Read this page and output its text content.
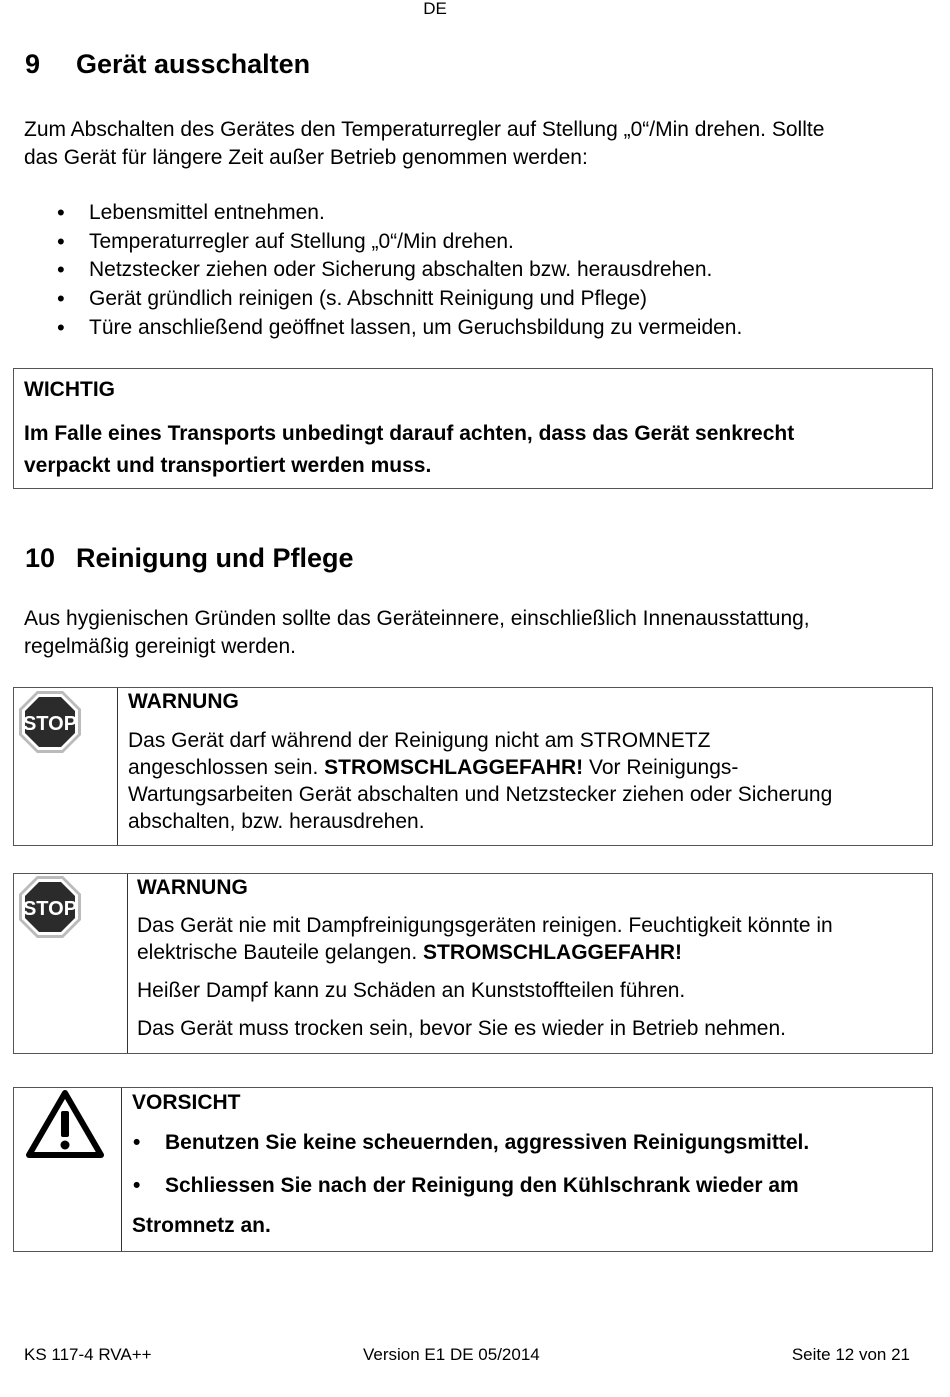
DE
9 Gerät ausschalten
Zum Abschalten des Gerätes den Temperaturregler auf Stellung „0“/Min drehen. Sollte
das Gerät für längere Zeit außer Betrieb genommen werden:
• Lebensmittel entnehmen.
• Temperaturregler auf Stellung „0“/Min drehen.
• Netzstecker ziehen oder Sicherung abschalten bzw. herausdrehen.
• Gerät gründlich reinigen (s. Abschnitt Reinigung und Pflege)
• Türe anschließend geöffnet lassen, um Geruchsbildung zu vermeiden.
WICHTIG
Im Falle eines Transports unbedingt darauf achten, dass das Gerät senkrecht
verpackt und transportiert werden muss.
10 Reinigung und Pflege
Aus hygienischen Gründen sollte das Geräteinnere, einschließlich Innenausstattung,
regelmäßig gereinigt werden.
STOP
WARNUNG
Das Gerät darf während der Reinigung nicht am STROMNETZ
angeschlossen sein. STROMSCHLAGGEFAHR! Vor Reinigungs-
Wartungsarbeiten Gerät abschalten und Netzstecker ziehen oder Sicherung
abschalten, bzw. herausdrehen.
STOP
WARNUNG
Das Gerät nie mit Dampfreinigungsgeräten reinigen. Feuchtigkeit könnte in
elektrische Bauteile gelangen. STROMSCHLAGGEFAHR!
Heißer Dampf kann zu Schäden an Kunststoffteilen führen.
Das Gerät muss trocken sein, bevor Sie es wieder in Betrieb nehmen.
VORSICHT
• Benutzen Sie keine scheuernden, aggressiven Reinigungsmittel.
• Schliessen Sie nach der Reinigung den Kühlschrank wieder am
Stromnetz an.
KS 117-4 RVA++	Version E1 DE 05/2014	Seite 12 von 21
